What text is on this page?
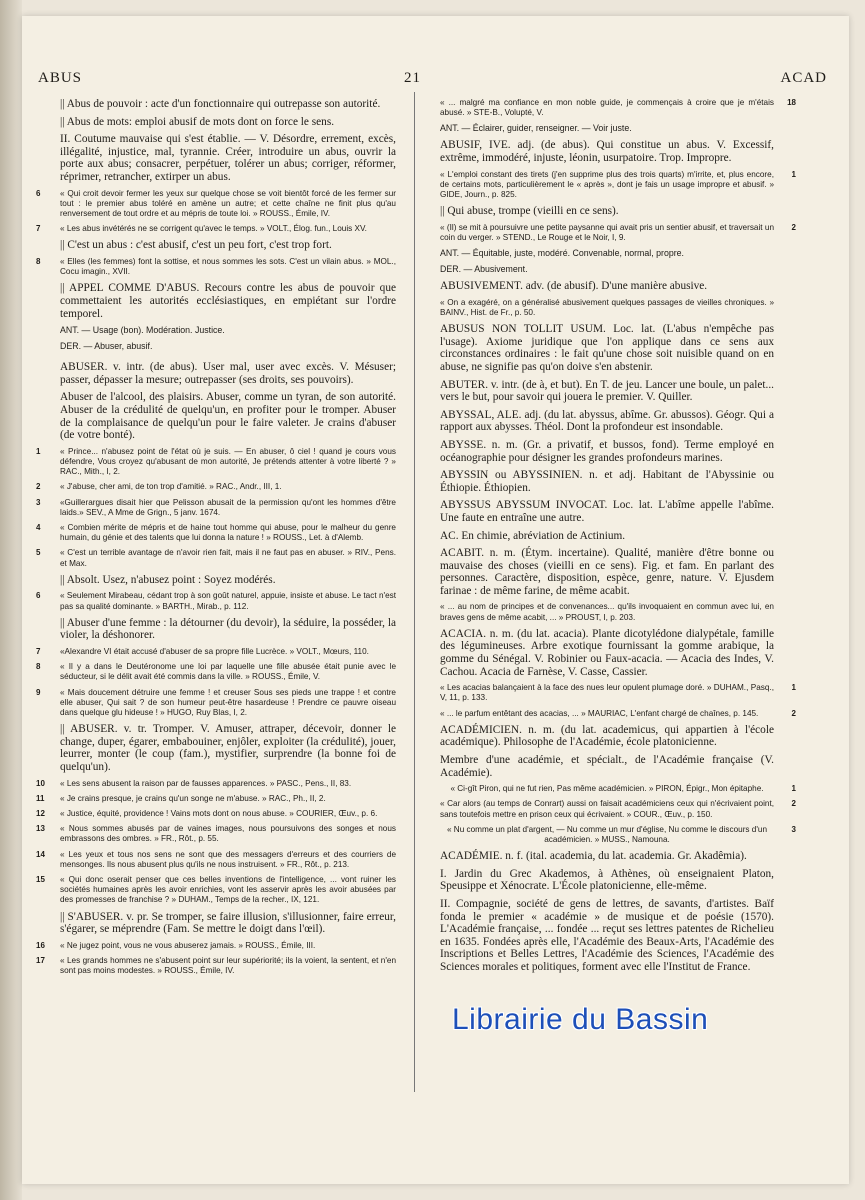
ABUS	21	ACAD
|| Abus de pouvoir : acte d'un fonctionnaire qui outrepasse son autorité.
|| Abus de mots: emploi abusif de mots dont on force le sens.
II. Coutume mauvaise qui s'est établie. — V. Désordre, errement, excès, illégalité, injustice, mal, tyrannie. Créer, introduire un abus, ouvrir la porte aux abus; consacrer, perpétuer, tolérer un abus; corriger, réformer, réprimer, retrancher, extirper un abus.
« Qui croit devoir fermer les yeux sur quelque chose se voit bientôt forcé de les fermer sur tout : le premier abus toléré en amène un autre; et cette chaîne ne finit plus qu'au renversement de tout ordre et au mépris de toute loi. » ROUSS., Émile, IV.
6
« Les abus invétérés ne se corrigent qu'avec le temps. » VOLT., Élog. fun., Louis XV.
7
|| C'est un abus : c'est abusif, c'est un peu fort, c'est trop fort.
« Elles (les femmes) font la sottise, et nous sommes les sots. C'est un vilain abus. » MOL., Cocu imagin., XVII.
8
|| APPEL COMME D'ABUS. Recours contre les abus de pouvoir que commettaient les autorités ecclésiastiques, en empiétant sur l'ordre temporel.
ANT. — Usage (bon). Modération. Justice.
DER. — Abuser, abusif.
ABUSER. v. intr. (de abus). User mal, user avec excès. V. Mésuser; passer, dépasser la mesure; outrepasser (ses droits, ses pouvoirs).
Abuser de l'alcool, des plaisirs. Abuser, comme un tyran, de son autorité. Abuser de la crédulité de quelqu'un, en profiter pour le tromper. Abuser de la complaisance de quelqu'un pour le faire valeter. Je crains d'abuser (de votre bonté).
« Prince... n'abusez point de l'état où je suis. — En abuser, ô ciel ! quand je cours vous défendre, Vous croyez qu'abusant de mon autorité, Je prétends attenter à votre liberté ? » RAC., Mith., I, 2.
1
« J'abuse, cher ami, de ton trop d'amitié. » RAC., Andr., III, 1.
2
«Guillerargues disait hier que Pelisson abusait de la permission qu'ont les hommes d'être laids.» SEV., A Mme de Grign., 5 janv. 1674.
3
« Combien mérite de mépris et de haine tout homme qui abuse, pour le malheur du genre humain, du génie et des talents que lui donna la nature ! » ROUSS., Let. à d'Alemb.
4
« C'est un terrible avantage de n'avoir rien fait, mais il ne faut pas en abuser. » RIV., Pens. et Max.
5
|| Absolt. Usez, n'abusez point : Soyez modérés.
« Seulement Mirabeau, cédant trop à son goût naturel, appuie, insiste et abuse. Le tact n'est pas sa qualité dominante. » BARTH., Mirab., p. 112.
6
|| Abuser d'une femme : la détourner (du devoir), la séduire, la posséder, la violer, la déshonorer.
«Alexandre VI était accusé d'abuser de sa propre fille Lucrèce. » VOLT., Mœurs, 110.
7
« Il y a dans le Deutéronome une loi par laquelle une fille abusée était punie avec le séducteur, si le délit avait été commis dans la ville. » ROUSS., Émile, V.
8
« Mais doucement détruire une femme ! et creuser Sous ses pieds une trappe ! et contre elle abuser, Qui sait ? de son humeur peut-être hasardeuse ! Prendre ce pauvre oiseau dans quelque glu hideuse ! » HUGO, Ruy Blas, I, 2.
9
|| ABUSER. v. tr. Tromper. V. Amuser, attraper, décevoir, donner le change, duper, égarer, embabouiner, enjôler, exploiter (la crédulité), jouer, leurrer, monter (le coup (fam.), mystifier, surprendre (la bonne foi de quelqu'un).
« Les sens abusent la raison par de fausses apparences. » PASC., Pens., II, 83.
10
« Je crains presque, je crains qu'un songe ne m'abuse. » RAC., Ph., II, 2.
11
« Justice, équité, providence ! Vains mots dont on nous abuse. » COURIER, Œuv., p. 6.
12
« Nous sommes abusés par de vaines images, nous poursuivons des songes et nous embrassons des ombres. » FR., Rôt., p. 55.
13
« Les yeux et tous nos sens ne sont que des messagers d'erreurs et des courriers de mensonges. Ils nous abusent plus qu'ils ne nous instruisent. » FR., Rôt., p. 213.
14
« Qui donc oserait penser que ces belles inventions de l'intelligence, ... vont ruiner les sociétés humaines après les avoir enrichies, vont les asservir après les avoir abusées par des promesses de franchise ? » DUHAM., Temps de la recher., IX, 121.
15
|| S'ABUSER. v. pr. Se tromper, se faire illusion, s'illusionner, faire erreur, s'égarer, se méprendre (Fam. Se mettre le doigt dans l'œil).
« Ne jugez point, vous ne vous abuserez jamais. » ROUSS., Émile, III.
16
« Les grands hommes ne s'abusent point sur leur supériorité; ils la voient, la sentent, et n'en sont pas moins modestes. » ROUSS., Émile, IV.
17
« ... malgré ma confiance en mon noble guide, je commençais à croire que je m'étais abusé. » STE-B., Volupté, V.
18
ANT. — Éclairer, guider, renseigner. — Voir juste.
ABUSIF, IVE. adj. (de abus). Qui constitue un abus. V. Excessif, extrême, immodéré, injuste, léonin, usurpatoire. Trop. Impropre.
« L'emploi constant des tirets (j'en supprime plus des trois quarts) m'irrite, et, plus encore, de certains mots, particulièrement le « après », dont je fais un usage impropre et abusif. » GIDE, Journ., p. 825.
1
|| Qui abuse, trompe (vieilli en ce sens).
« (Il) se mit à poursuivre une petite paysanne qui avait pris un sentier abusif, et traversait un coin du verger. » STEND., Le Rouge et le Noir, I, 9.
2
ANT. — Équitable, juste, modéré. Convenable, normal, propre.
DER. — Abusivement.
ABUSIVEMENT. adv. (de abusif). D'une manière abusive.
« On a exagéré, on a généralisé abusivement quelques passages de vieilles chroniques. » BAINV., Hist. de Fr., p. 50.
ABUSUS NON TOLLIT USUM. Loc. lat. (L'abus n'empêche pas l'usage). Axiome juridique que l'on applique dans ce sens aux circonstances ordinaires : le fait qu'une chose soit nuisible quand on en abuse, ne signifie pas qu'on doive s'en abstenir.
ABUTER. v. intr. (de à, et but). En T. de jeu. Lancer une boule, un palet... vers le but, pour savoir qui jouera le premier. V. Quiller.
ABYSSAL, ALE. adj. (du lat. abyssus, abîme. Gr. abussos). Géogr. Qui a rapport aux abysses. Théol. Dont la profondeur est insondable.
ABYSSE. n. m. (Gr. a privatif, et bussos, fond). Terme employé en océanographie pour désigner les grandes profondeurs marines.
ABYSSIN ou ABYSSINIEN. n. et adj. Habitant de l'Abyssinie ou Éthiopie. Éthiopien.
ABYSSUS ABYSSUM INVOCAT. Loc. lat. L'abîme appelle l'abîme. Une faute en entraîne une autre.
AC. En chimie, abréviation de Actinium.
ACABIT. n. m. (Étym. incertaine). Qualité, manière d'être bonne ou mauvaise des choses (vieilli en ce sens). Fig. et fam. En parlant des personnes. Caractère, disposition, espèce, genre, nature. V. Ejusdem farinae : de même farine, de même acabit.
« ... au nom de principes et de convenances... qu'ils invoquaient en commun avec lui, en braves gens de même acabit, ... » PROUST, I, p. 203.
ACACIA. n. m. (du lat. acacia). Plante dicotylédone dialypétale, famille des légumineuses. Arbre exotique fournissant la gomme arabique, la gomme du Sénégal. V. Robinier ou Faux-acacia. — Acacia des Indes, V. Cachou. Acacia de Farnèse, V. Casse, Cassier.
« Les acacias balançaient à la face des nues leur opulent plumage doré. » DUHAM., Pasq., V, 11, p. 133.
1
« ... le parfum entêtant des acacias, ... » MAURIAC, L'enfant chargé de chaînes, p. 145.	2
ACADÉMICIEN. n. m. (du lat. academicus, qui appartien à l'école académique). Philosophe de l'Académie, école platonicienne.
Membre d'une académie, et spécialt., de l'Académie française (V. Académie).
« Ci-gît Piron, qui ne fut rien, Pas même académicien. » PIRON, Épigr., Mon épitaphe.	1
« Car alors (au temps de Conrart) aussi on faisait académiciens ceux qui n'écrivaient point, sans toutefois mettre en prison ceux qui écrivaient. » COUR., Œuv., p. 150.
2
« Nu comme un plat d'argent, — Nu comme un mur d'église, Nu comme le discours d'un académicien. » MUSS., Namouna.
3
ACADÉMIE. n. f. (ital. academia, du lat. academia. Gr. Akadêmia).
I. Jardin du Grec Akademos, à Athènes, où enseignaient Platon, Speusippe et Xénocrate. L'École platonicienne, elle-même.
II. Compagnie, société de gens de lettres, de savants, d'artistes. Baïf fonda le premier « académie » de musique et de poésie (1570). L'Académie française, ... fondée ... reçut ses lettres patentes de Richelieu en 1635. Fondées après elle, l'Académie des Beaux-Arts, l'Académie des Inscriptions et Belles Lettres, l'Académie des Sciences, l'Académie des Sciences morales et politiques, forment avec elle l'Institut de France.
Librairie du Bassin
